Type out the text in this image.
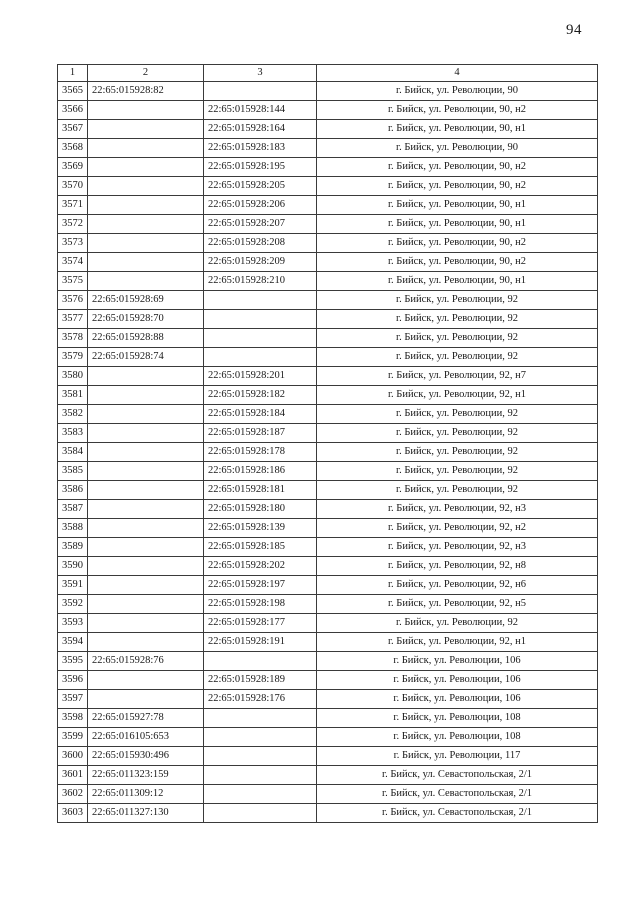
94
1	2	3	4
3565	22:65:015928:82		г. Бийск, ул. Революции, 90
3566		22:65:015928:144	г. Бийск, ул. Революции, 90, н2
3567		22:65:015928:164	г. Бийск, ул. Революции, 90, н1
3568		22:65:015928:183	г. Бийск, ул. Революции, 90
3569		22:65:015928:195	г. Бийск, ул. Революции, 90, н2
3570		22:65:015928:205	г. Бийск, ул. Революции, 90, н2
3571		22:65:015928:206	г. Бийск, ул. Революции, 90, н1
3572		22:65:015928:207	г. Бийск, ул. Революции, 90, н1
3573		22:65:015928:208	г. Бийск, ул. Революции, 90, н2
3574		22:65:015928:209	г. Бийск, ул. Революции, 90, н2
3575		22:65:015928:210	г. Бийск, ул. Революции, 90, н1
3576	22:65:015928:69		г. Бийск, ул. Революции, 92
3577	22:65:015928:70		г. Бийск, ул. Революции, 92
3578	22:65:015928:88		г. Бийск, ул. Революции, 92
3579	22:65:015928:74		г. Бийск, ул. Революции, 92
3580		22:65:015928:201	г. Бийск, ул. Революции, 92, н7
3581		22:65:015928:182	г. Бийск, ул. Революции, 92, н1
3582		22:65:015928:184	г. Бийск, ул. Революции, 92
3583		22:65:015928:187	г. Бийск, ул. Революции, 92
3584		22:65:015928:178	г. Бийск, ул. Революции, 92
3585		22:65:015928:186	г. Бийск, ул. Революции, 92
3586		22:65:015928:181	г. Бийск, ул. Революции, 92
3587		22:65:015928:180	г. Бийск, ул. Революции, 92, н3
3588		22:65:015928:139	г. Бийск, ул. Революции, 92, н2
3589		22:65:015928:185	г. Бийск, ул. Революции, 92, н3
3590		22:65:015928:202	г. Бийск, ул. Революции, 92, н8
3591		22:65:015928:197	г. Бийск, ул. Революции, 92, н6
3592		22:65:015928:198	г. Бийск, ул. Революции, 92, н5
3593		22:65:015928:177	г. Бийск, ул. Революции, 92
3594		22:65:015928:191	г. Бийск, ул. Революции, 92, н1
3595	22:65:015928:76		г. Бийск, ул. Революции, 106
3596		22:65:015928:189	г. Бийск, ул. Революции, 106
3597		22:65:015928:176	г. Бийск, ул. Революции, 106
3598	22:65:015927:78		г. Бийск, ул. Революции, 108
3599	22:65:016105:653		г. Бийск, ул. Революции, 108
3600	22:65:015930:496		г. Бийск, ул. Революции, 117
3601	22:65:011323:159		г. Бийск, ул. Севастопольская, 2/1
3602	22:65:011309:12		г. Бийск, ул. Севастопольская, 2/1
3603	22:65:011327:130		г. Бийск, ул. Севастопольская, 2/1
